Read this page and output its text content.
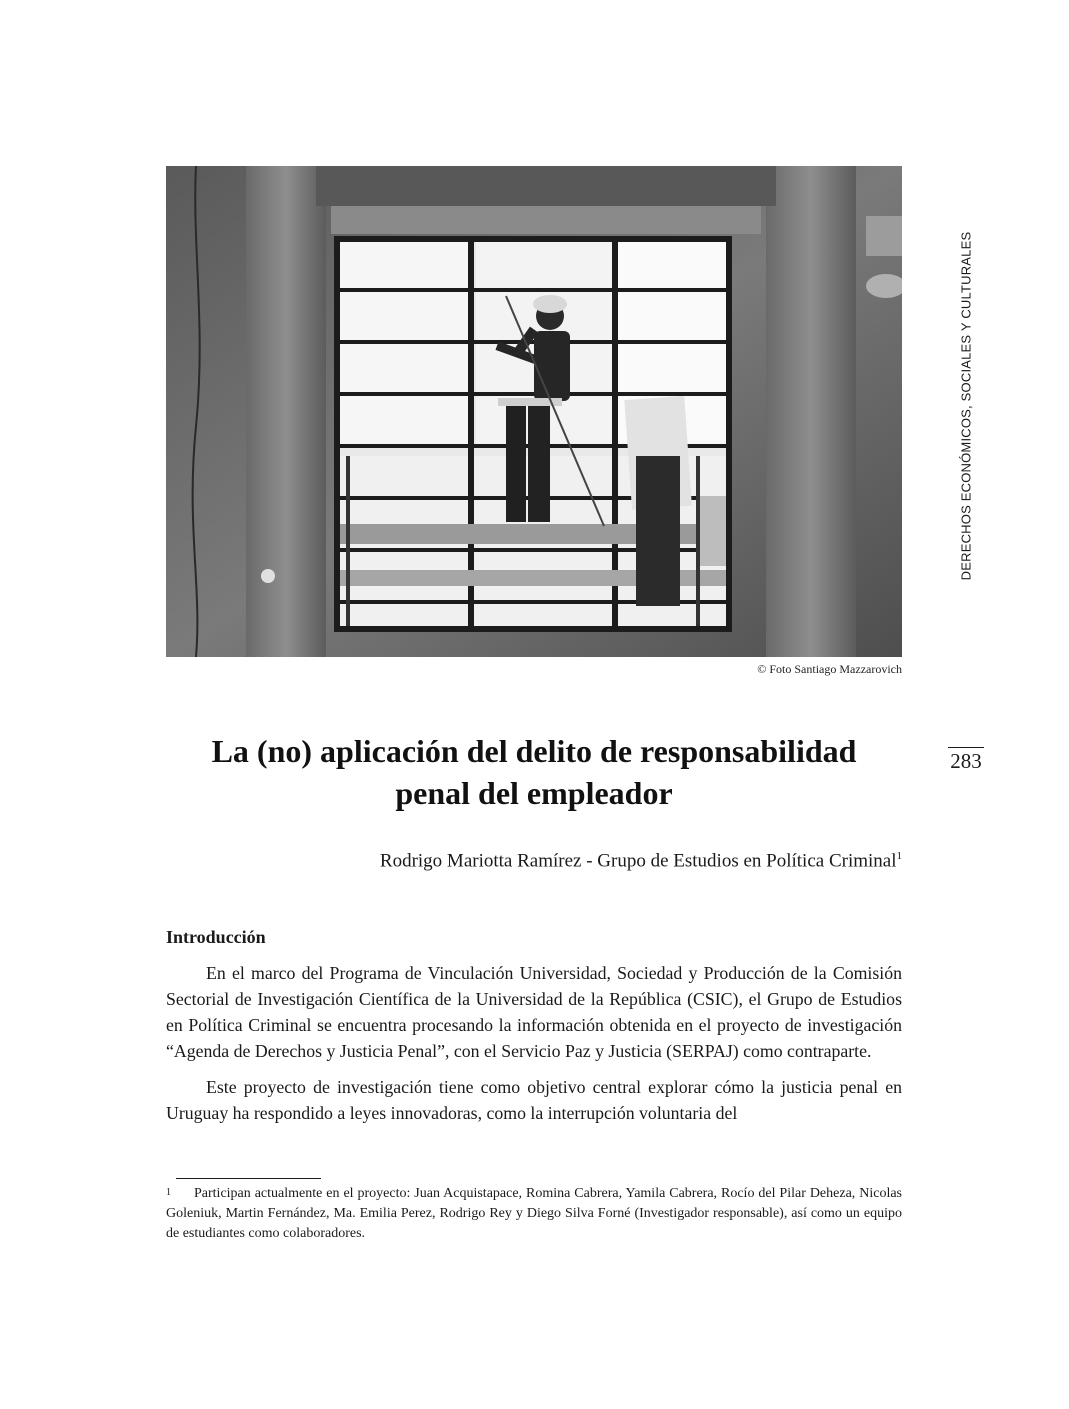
© Foto Santiago Mazzarovich
DERECHOS ECONÓMICOS, SOCIALES Y CULTURALES
283
La (no) aplicación del delito de responsabilidad
penal del empleador

Rodrigo Mariotta Ramírez - Grupo de Estudios en Política Criminal$^1$

Introducción

En el marco del Programa de Vinculación Universidad, Sociedad y Producción de la Comisión Sectorial de Investigación Científica de la Universidad de la República (CSIC), el Grupo de Estudios en Política Criminal se encuentra procesando la información obtenida en el proyecto de investigación “Agenda de Derechos y Justicia Penal”, con el Servicio Paz y Justicia (SERPAJ) como contraparte.

Este proyecto de investigación tiene como objetivo central explorar cómo la justicia penal en Uruguay ha respondido a leyes innovadoras, como la interrupción voluntaria del

1 Participan actualmente en el proyecto: Juan Acquistapace, Romina Cabrera, Yamila Cabrera, Rocío del Pilar Deheza, Nicolas Goleniuk, Martin Fernández, Ma. Emilia Perez, Rodrigo Rey y Diego Silva Forné (Investigador responsable), así como un equipo de estudiantes como colaboradores.
